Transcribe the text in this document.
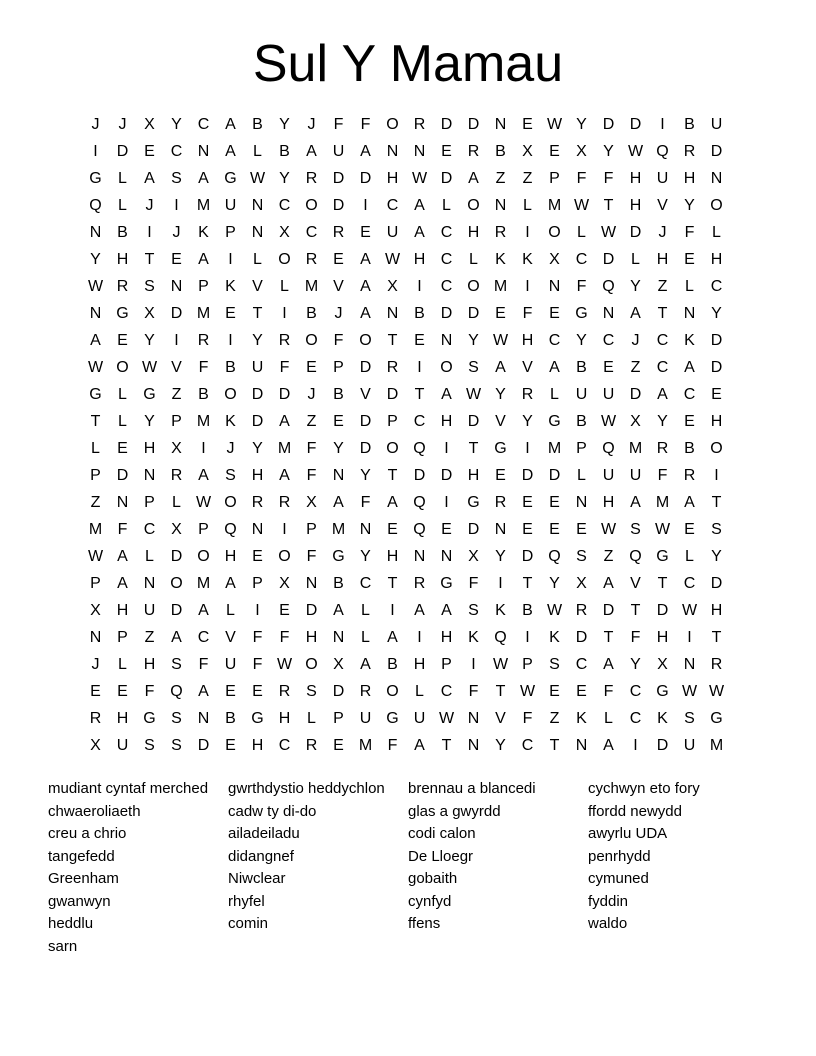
Sul Y Mamau
J	J	X	Y C A	B	Y	J	F	F O R D D N E W Y D D	I	B U
I	D E C N A	L	B	A U A N N E R B	X	E	X	Y W Q R D
G	L	A	S	A G W Y R D D H W D A	Z	Z	P	F	F	H U H N
Q	L	J	I	M U N C O D	I	C A	L	O N	L M W T	H V	Y O
N B	I	J	K	P N X C R E U A C H R	I	O	L W D	J	F	L
Y H	T	E	A	I	L	O R E	A W H C	L	K	K	X C D	L	H E H
W R S N P	K	V	L M V	A	X	I	C O M	I	N	F Q Y	Z	L	C
N G X D M E	T	I	B	J	A N B D D E	F	E G N A	T	N Y
A	E	Y	I	R	I	Y R O F O T	E N Y W H C Y C	J	C K D
W O W V	F	B U	F	E	P D R	I	O S	A	V	A	B	E	Z	C A D
G	L	G Z	B O D D	J	B	V D	T	A W Y R	L	U U D A C E
T	L	Y	P M K D A	Z	E D P C H D V	Y G B W X	Y	E H
L	E H X	I	J	Y M F	Y D O Q	I	T G	I	M P Q M R B O
P D N R A	S H A	F	N Y	T	D D H E D D	L	U U	F	R	I
Z	N P	L W O R R X	A	F	A Q	I	G R E	E N H A M A	T
M F	C X	P Q N	I	P M N E Q E D N E	E	E W S W E	S
W A	L	D O H E O F G Y H N N X	Y D Q S	Z Q G	L	Y
P	A N O M A	P	X N B C	T	R G F	I	T	Y	X	A	V	T	C D
X H U D A	L	I	E D A	L	I	A	A	S	K	B W R D	T	D W H
N P	Z	A C V	F	F	H N	L	A	I	H K Q	I	K D	T	F	H	I	T
J	L	H S	F	U	F W O X	A	B H P	I	W P	S C A	Y	X N R
E	E	F Q A	E	E R S D R O	L	C	F	T W E	E	F	C G W W
R H G S N B G H	L	P U G U W N V	F	Z	K	L	C K	S G
X U S	S D E H C R E M F	A	T	N Y C	T	N A	I	D U M
mudiant cyntaf merched	gwrthdystio heddychlon	brennau a blancedi	cychwyn eto fory
chwaeroliaeth	cadw ty di-do	glas a gwyrdd	ffordd newydd
creu a chrio	ailadeiladu	codi calon	awyrlu UDA
tangefedd	didangnef	De Lloegr	penrhydd
Greenham	Niwclear	gobaith	cymuned
gwanwyn	rhyfel	cynfyd	fyddin
heddlu	comin	ffens	waldo
sarn
